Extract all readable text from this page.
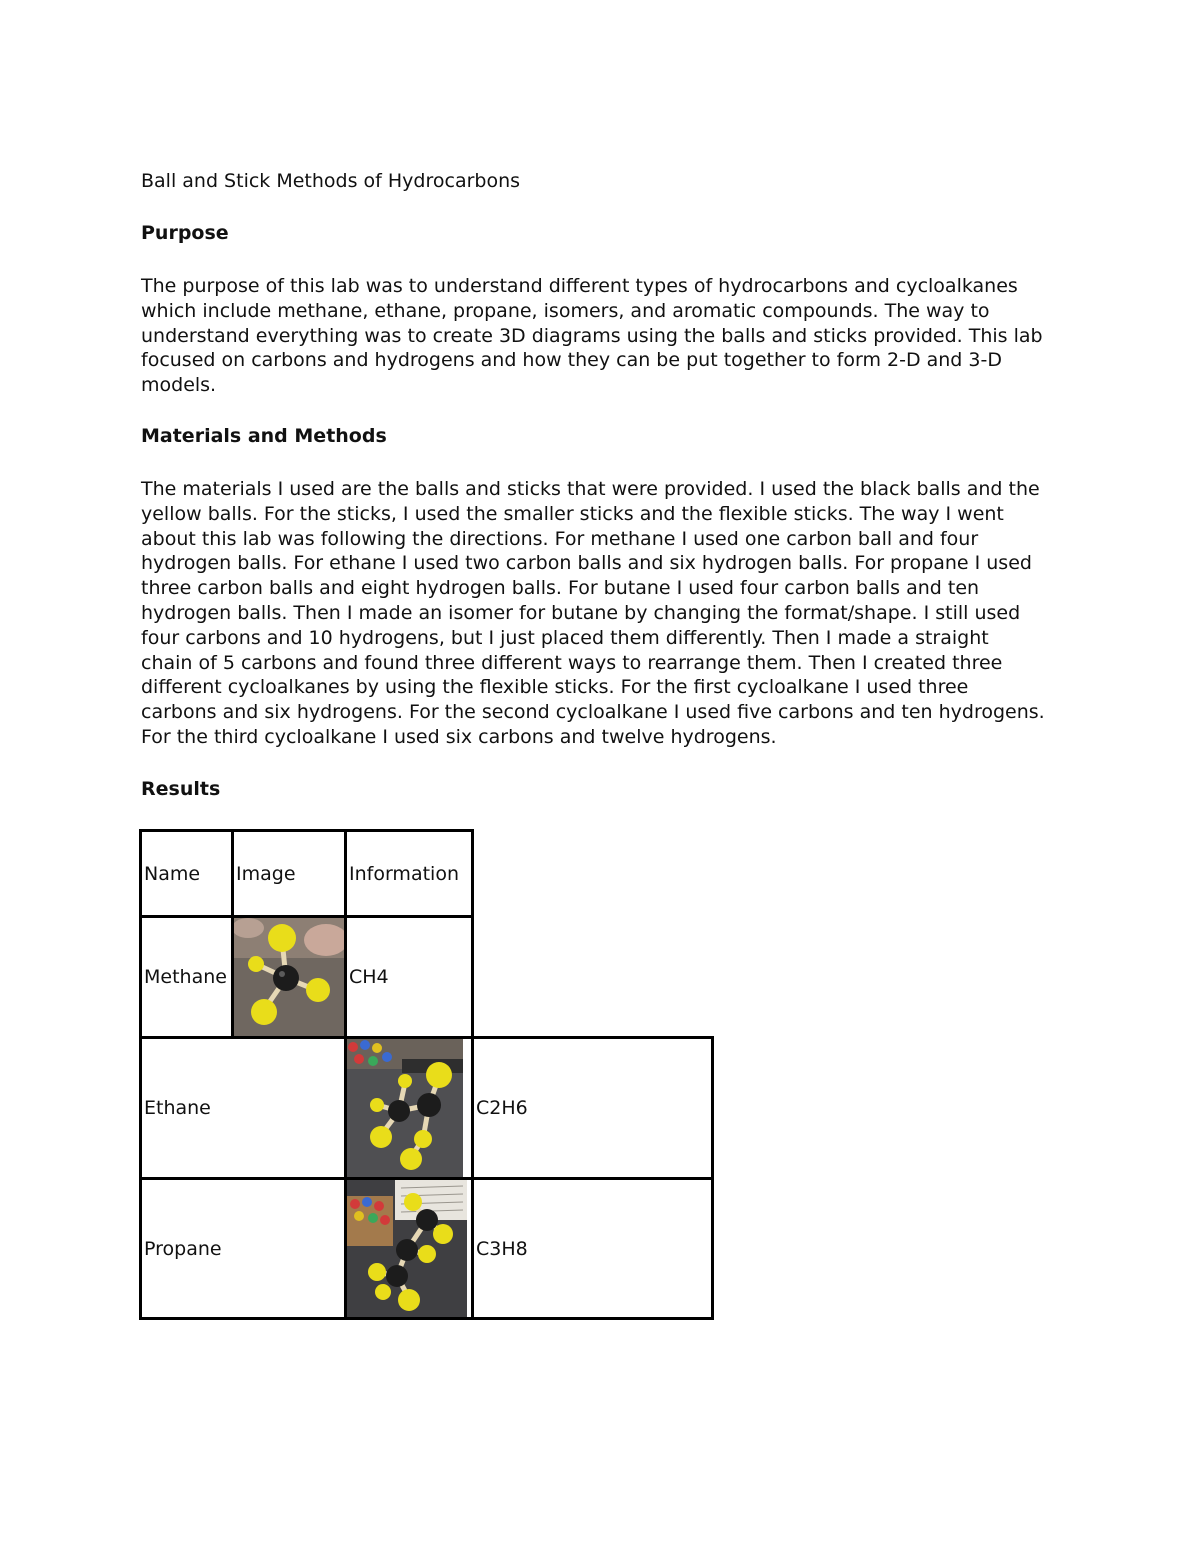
Ball and Stick Methods of Hydrocarbons
Purpose

The purpose of this lab was to understand different types of hydrocarbons and cycloalkanes which include methane, ethane, propane, isomers, and aromatic compounds. The way to understand everything was to create 3D diagrams using the balls and sticks provided. This lab focused on carbons and hydrogens and how they can be put together to form 2-D and 3-D models.

Materials and Methods

The materials I used are the balls and sticks that were provided. I used the black balls and the yellow balls. For the sticks, I used the smaller sticks and the flexible sticks. The way I went about this lab was following the directions. For methane I used one carbon ball and four hydrogen balls. For ethane I used two carbon balls and six hydrogen balls. For propane I used three carbon balls and eight hydrogen balls. For butane I used four carbon balls and ten hydrogen balls. Then I made an isomer for butane by changing the format/shape. I still used four carbons and 10 hydrogens, but I just placed them differently. Then I made a straight chain of 5 carbons and found three different ways to rearrange them. Then I created three different cycloalkanes by using the flexible sticks. For the first cycloalkane I used three carbons and six hydrogens. For the second cycloalkane I used five carbons and ten hydrogens. For the third cycloalkane I used six carbons and twelve hydrogens.

Results
Name	Image	Information
Methane	CH4
Ethane	C2H6
Propane	C3H8
